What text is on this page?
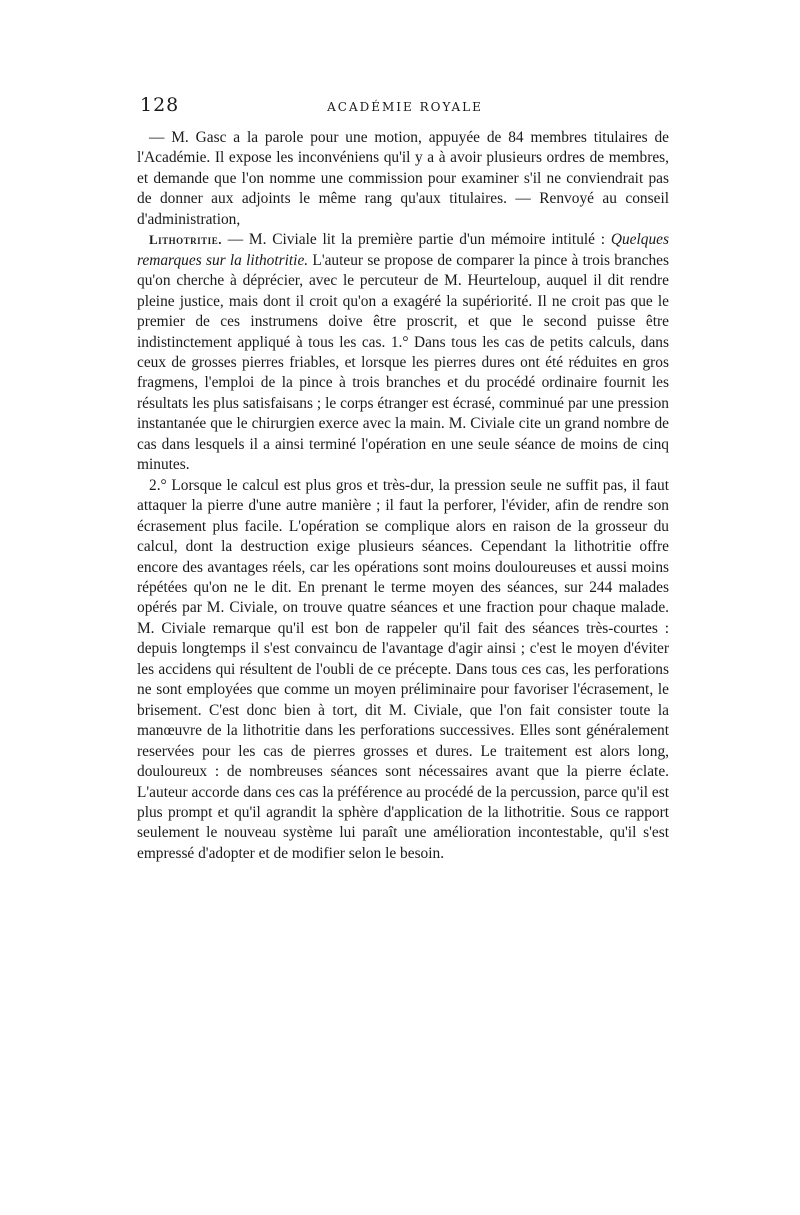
128	ACADÉMIE ROYALE

— M. Gasc a la parole pour une motion, appuyée de 84 membres titulaires de l'Académie. Il expose les inconvéniens qu'il y a à avoir plusieurs ordres de membres, et demande que l'on nomme une commission pour examiner s'il ne conviendrait pas de donner aux adjoints le même rang qu'aux titulaires. — Renvoyé au conseil d'administration,

Lithotritie. — M. Civiale lit la première partie d'un mémoire intitulé : Quelques remarques sur la lithotritie. L'auteur se propose de comparer la pince à trois branches qu'on cherche à déprécier, avec le percuteur de M. Heurteloup, auquel il dit rendre pleine justice, mais dont il croit qu'on a exagéré la supériorité. Il ne croit pas que le premier de ces instrumens doive être proscrit, et que le second puisse être indistinctement appliqué à tous les cas. 1.° Dans tous les cas de petits calculs, dans ceux de grosses pierres friables, et lorsque les pierres dures ont été réduites en gros fragmens, l'emploi de la pince à trois branches et du procédé ordinaire fournit les résultats les plus satisfaisans ; le corps étranger est écrasé, comminué par une pression instantanée que le chirurgien exerce avec la main. M. Civiale cite un grand nombre de cas dans lesquels il a ainsi terminé l'opération en une seule séance de moins de cinq minutes.

2.° Lorsque le calcul est plus gros et très-dur, la pression seule ne suffit pas, il faut attaquer la pierre d'une autre manière ; il faut la perforer, l'évider, afin de rendre son écrasement plus facile. L'opération se complique alors en raison de la grosseur du calcul, dont la destruction exige plusieurs séances. Cependant la lithotritie offre encore des avantages réels, car les opérations sont moins douloureuses et aussi moins répétées qu'on ne le dit. En prenant le terme moyen des séances, sur 244 malades opérés par M. Civiale, on trouve quatre séances et une fraction pour chaque malade. M. Civiale remarque qu'il est bon de rappeler qu'il fait des séances très-courtes : depuis longtemps il s'est convaincu de l'avantage d'agir ainsi ; c'est le moyen d'éviter les accidens qui résultent de l'oubli de ce précepte. Dans tous ces cas, les perforations ne sont employées que comme un moyen préliminaire pour favoriser l'écrasement, le brisement. C'est donc bien à tort, dit M. Civiale, que l'on fait consister toute la manœuvre de la lithotritie dans les perforations successives. Elles sont généralement reservées pour les cas de pierres grosses et dures. Le traitement est alors long, douloureux : de nombreuses séances sont nécessaires avant que la pierre éclate. L'auteur accorde dans ces cas la préférence au procédé de la percussion, parce qu'il est plus prompt et qu'il agrandit la sphère d'application de la lithotritie. Sous ce rapport seulement le nouveau système lui paraît une amélioration incontestable, qu'il s'est empressé d'adopter et de modifier selon le besoin.
